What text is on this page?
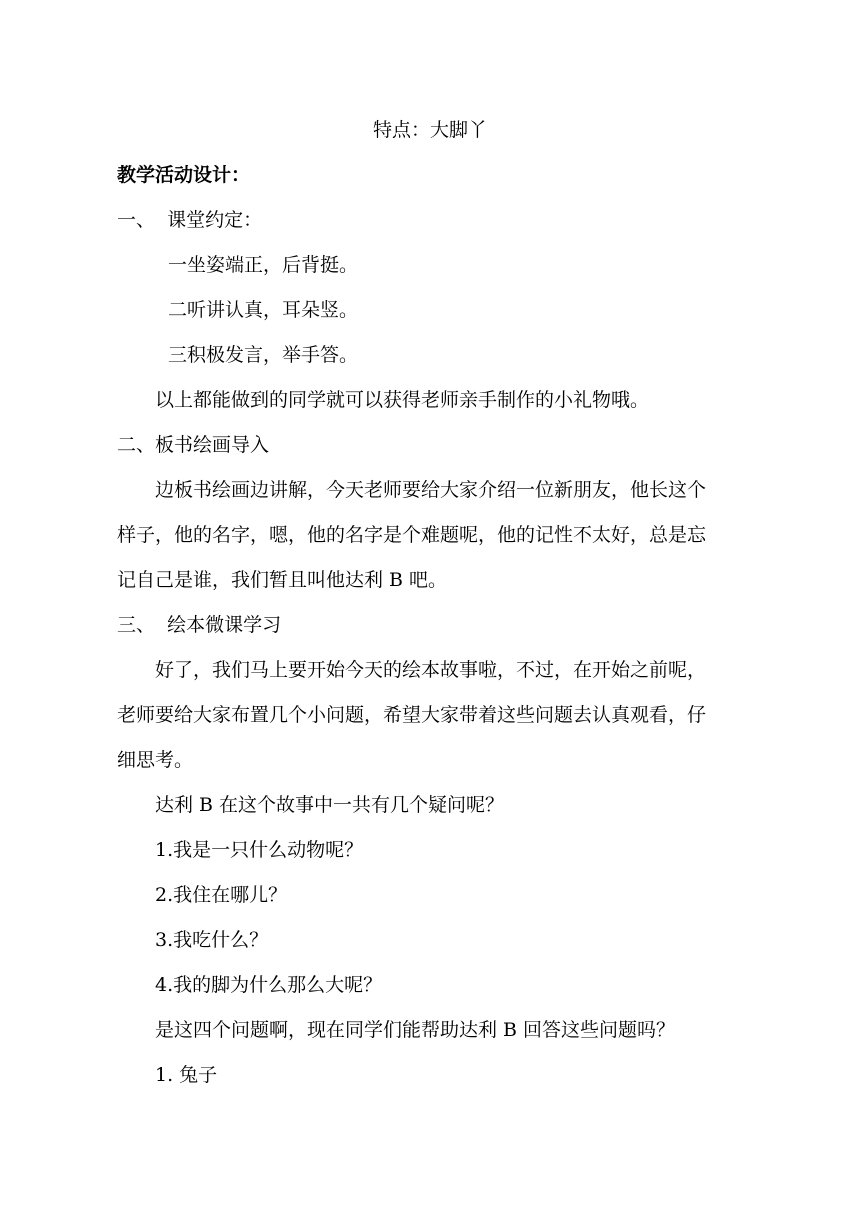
特点：大脚丫
教学活动设计：
一、  课堂约定：
一坐姿端正，后背挺。
二听讲认真，耳朵竖。
三积极发言，举手答。
以上都能做到的同学就可以获得老师亲手制作的小礼物哦。
二、板书绘画导入
边板书绘画边讲解，今天老师要给大家介绍一位新朋友，他长这个
样子，他的名字，嗯，他的名字是个难题呢，他的记性不太好，总是忘
记自己是谁，我们暂且叫他达利 B 吧。
三、  绘本微课学习
好了，我们马上要开始今天的绘本故事啦，不过，在开始之前呢，
老师要给大家布置几个小问题，希望大家带着这些问题去认真观看，仔
细思考。
达利 B 在这个故事中一共有几个疑问呢？
1.我是一只什么动物呢？
2.我住在哪儿？
3.我吃什么？
4.我的脚为什么那么大呢？
是这四个问题啊，现在同学们能帮助达利 B 回答这些问题吗？
1. 兔子
